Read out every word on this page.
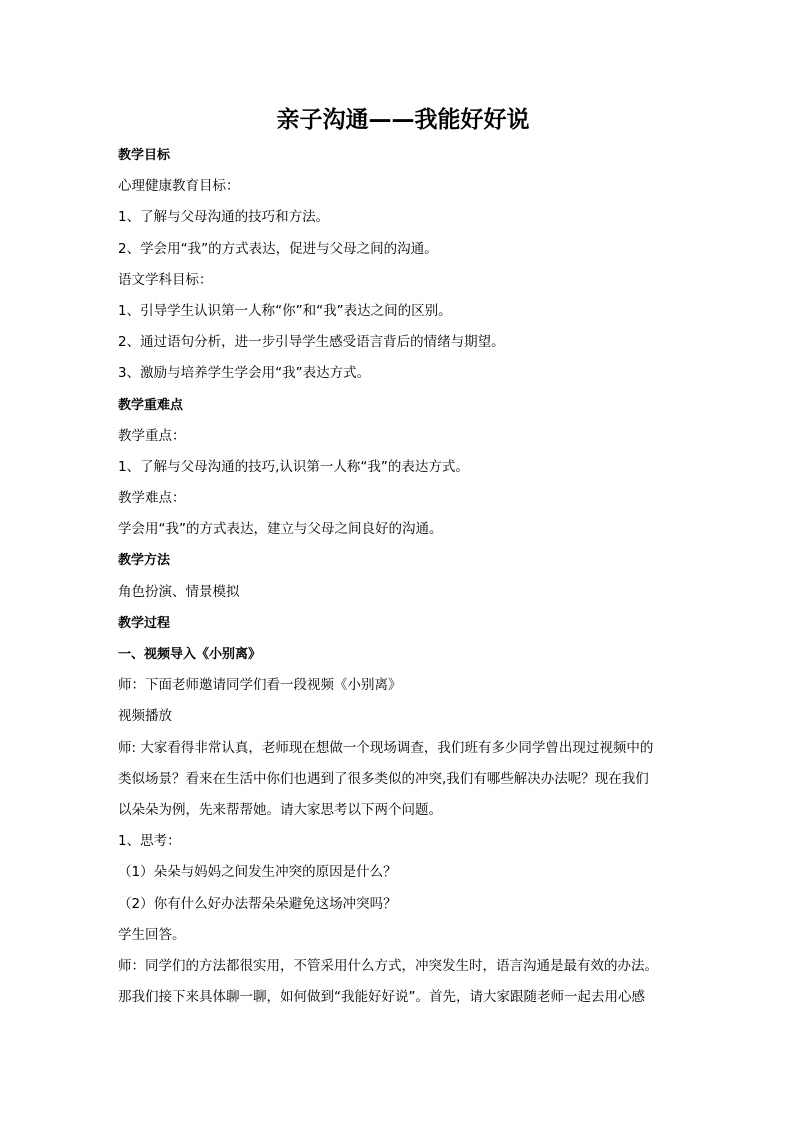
亲子沟通——我能好好说

教学目标

心理健康教育目标：

1、了解与父母沟通的技巧和方法。

2、学会用“我”的方式表达，促进与父母之间的沟通。

语文学科目标：

1、引导学生认识第一人称“你”和“我”表达之间的区别。

2、通过语句分析，进一步引导学生感受语言背后的情绪与期望。

3、激励与培养学生学会用“我”表达方式。

教学重难点

教学重点：

1、了解与父母沟通的技巧,认识第一人称“我”的表达方式。

教学难点：

学会用“我”的方式表达，建立与父母之间良好的沟通。

教学方法

角色扮演、情景模拟

教学过程

一、视频导入《小别离》

师：下面老师邀请同学们看一段视频《小别离》

视频播放

师: 大家看得非常认真，老师现在想做一个现场调查，我们班有多少同学曾出现过视频中的

类似场景？看来在生活中你们也遇到了很多类似的冲突,我们有哪些解决办法呢？现在我们

以朵朵为例，先来帮帮她。请大家思考以下两个问题。

1、思考：

（1）朵朵与妈妈之间发生冲突的原因是什么？

（2）你有什么好办法帮朵朵避免这场冲突吗？

学生回答。

师：同学们的方法都很实用，不管采用什么方式，冲突发生时，语言沟通是最有效的办法。

那我们接下来具体聊一聊，如何做到“我能好好说”。首先，请大家跟随老师一起去用心感
